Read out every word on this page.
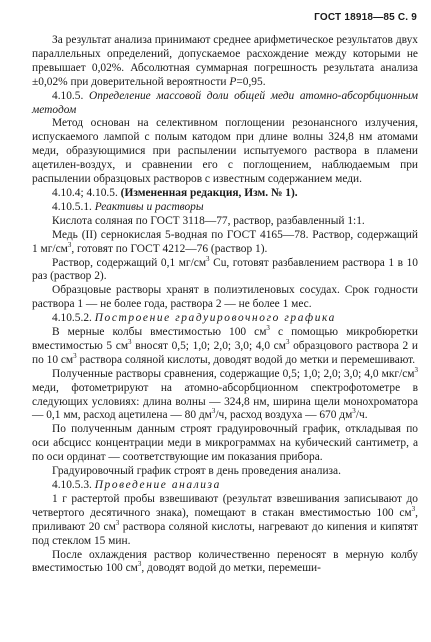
ГОСТ 18918—85 С. 9

За результат анализа принимают среднее арифметическое результатов двух параллельных определений, допускаемое расхождение между которыми не превышает 0,02%. Абсолютная суммарная погрешность результата анализа ±0,02% при доверительной вероятности P=0,95.

4.10.5. Определение массовой доли общей меди атомно-абсорбционным методом

Метод основан на селективном поглощении резонансного излучения, испускаемого лампой с полым катодом при длине волны 324,8 нм атомами меди, образующимися при распылении испытуемого раствора в пламени ацетилен-воздух, и сравнении его с поглощением, наблюдаемым при распылении образцовых растворов с известным содержанием меди.

4.10.4; 4.10.5. (Измененная редакция, Изм. № 1).

4.10.5.1. Реактивы и растворы

Кислота соляная по ГОСТ 3118—77, раствор, разбавленный 1:1.

Медь (II) сернокислая 5-водная по ГОСТ 4165—78. Раствор, содержащий 1 $мг/см^3$, готовят по ГОСТ 4212—76 (раствор 1).

Раствор, содержащий 0,1 $мг/см^3$ Cu, готовят разбавлением раствора 1 в 10 раз (раствор 2).

Образцовые растворы хранят в полиэтиленовых сосудах. Срок годности раствора 1 — не более года, раствора 2 — не более 1 мес.

4.10.5.2. Построение градуировочного графика

В мерные колбы вместимостью 100 $см^3$ с помощью микробюретки вместимостью 5 $см^3$ вносят 0,5; 1,0; 2,0; 3,0; 4,0 $см^3$ образцового раствора 2 и по 10 $см^3$ раствора соляной кислоты, доводят водой до метки и перемешивают.

Полученные растворы сравнения, содержащие 0,5; 1,0; 2,0; 3,0; 4,0 мкг/$см^3$ меди, фотометрируют на атомно-абсорбционном спектрофотометре в следующих условиях: длина волны — 324,8 нм, ширина щели монохроматора — 0,1 мм, расход ацетилена — 80 $дм^3/ч$, расход воздуха — 670 $дм^3/ч$.

По полученным данным строят градуировочный график, откладывая по оси абсцисс концентрации меди в микрограммах на кубический сантиметр, а по оси ординат — соответствующие им показания прибора.

Градуировочный график строят в день проведения анализа.

4.10.5.3. Проведение анализа

1 г растертой пробы взвешивают (результат взвешивания записывают до четвертого десятичного знака), помещают в стакан вместимостью 100 $см^3$, приливают 20 $см^3$ раствора соляной кислоты, нагревают до кипения и кипятят под стеклом 15 мин.

После охлаждения раствор количественно переносят в мерную колбу вместимостью 100 $см^3$, доводят водой до метки, перемеши-
